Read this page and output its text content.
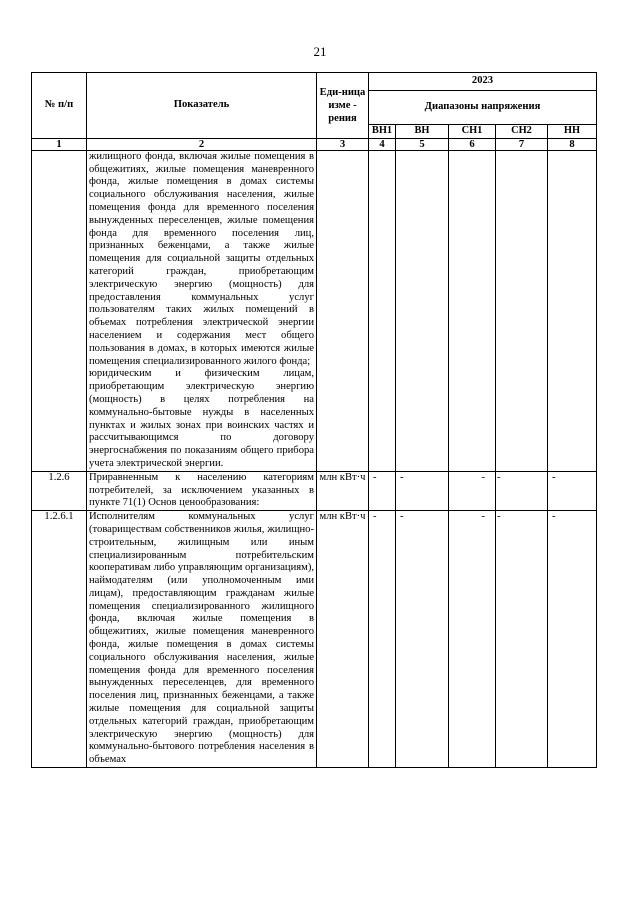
21
№ п/п	Показатель	Еди-ница изме - рения	2023				
			Диапазоны напряжения				
			ВН1	ВН	СН1	СН2	НН
1	2	3	4	5	6	7	8

	жилищного фонда, включая жилые помещения в общежитиях, жилые помещения маневренного фонда, жилые помещения в домах системы социального обслуживания населения, жилые помещения фонда для временного поселения вынужденных переселенцев, жилые помещения фонда для временного поселения лиц, признанных беженцами, а также жилые помещения для социальной защиты отдельных категорий граждан, приобретающим электрическую энергию (мощность) для предоставления коммунальных услуг пользователям таких жилых помещений в объемах потребления электрической энергии населением и содержания мест общего пользования в домах, в которых имеются жилые помещения специализированного жилого фонда;
юридическим и физическим лицам, приобретающим электрическую энергию (мощность) в целях потребления на коммунально-бытовые нужды в населенных пунктах и жилых зонах при воинских частях и рассчитывающимся по договору энергоснабжения по показаниям общего прибора учета электрической энергии.						

1.2.6	Приравненным к населению категориям потребителей, за исключением указанных в пункте 71(1) Основ ценообразования:	млн кВт·ч	-	-	-	-	-
1.2.6.1	Исполнителям коммунальных услуг (товариществам собственников жилья, жилищно-строительным, жилищным или иным специализированным потребительским кооперативам либо управляющим организациям), наймодателям (или уполномоченным ими лицам), предоставляющим гражданам жилые помещения специализированного жилищного фонда, включая жилые помещения в общежитиях, жилые помещения маневренного фонда, жилые помещения в домах системы социального обслуживания населения, жилые помещения фонда для временного поселения вынужденных переселенцев, для временного поселения лиц, признанных беженцами, а также жилые помещения для социальной защиты отдельных категорий граждан, приобретающим электрическую энергию (мощность) для коммунально-бытового потребления населения в объемах	млн кВт·ч	-	-	-	-	-
